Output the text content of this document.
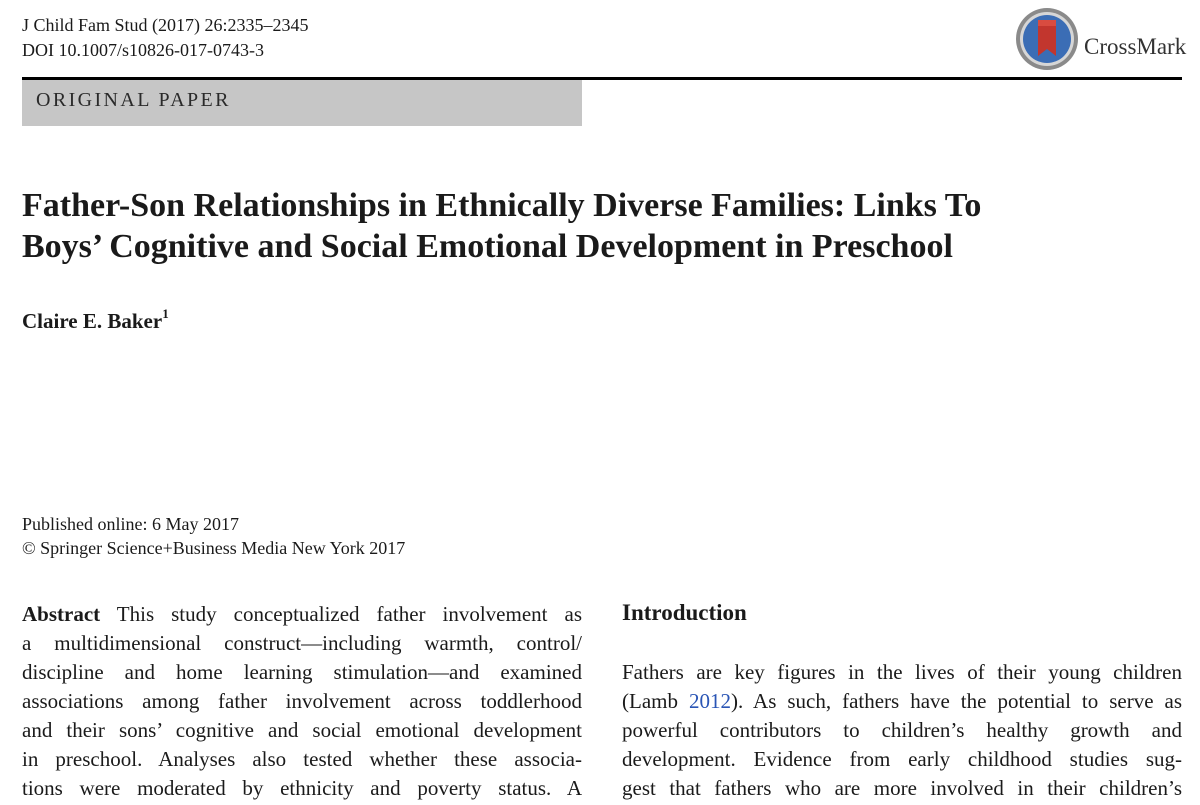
J Child Fam Stud (2017) 26:2335–2345
DOI 10.1007/s10826-017-0743-3	CrossMark
ORIGINAL PAPER
Father-Son Relationships in Ethnically Diverse Families: Links To
Boys’ Cognitive and Social Emotional Development in Preschool
Claire E. Baker$^1$
Published online: 6 May 2017
© Springer Science+Business Media New York 2017
Abstract This study conceptualized father involvement as
a multidimensional construct—including warmth, control/
discipline and home learning stimulation—and examined
associations among father involvement across toddlerhood
and their sons’ cognitive and social emotional development
in preschool. Analyses also tested whether these associa-
tions were moderated by ethnicity and poverty status. A
Introduction
Fathers are key figures in the lives of their young children
(Lamb 2012). As such, fathers have the potential to serve as
powerful contributors to children’s healthy growth and
development. Evidence from early childhood studies sug-
gest that fathers who are more involved in their children’s
